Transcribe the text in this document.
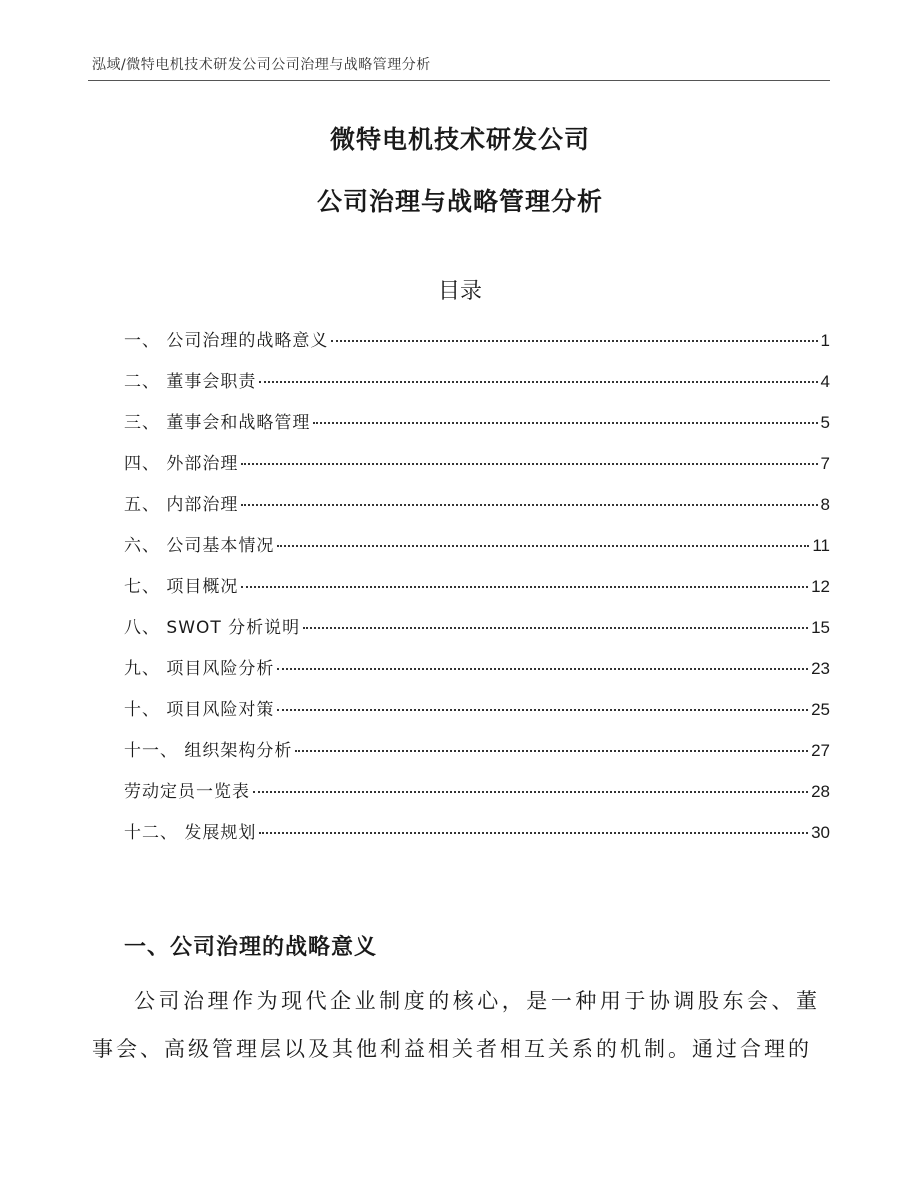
泓域/微特电机技术研发公司公司治理与战略管理分析
微特电机技术研发公司
公司治理与战略管理分析
目录
一、 公司治理的战略意义	1
二、 董事会职责	4
三、 董事会和战略管理	5
四、 外部治理	7
五、 内部治理	8
六、 公司基本情况	11
七、 项目概况	12
八、 SWOT 分析说明	15
九、 项目风险分析	23
十、 项目风险对策	25
十一、 组织架构分析	27
劳动定员一览表	28
十二、 发展规划	30
一、公司治理的战略意义
公司治理作为现代企业制度的核心，是一种用于协调股东会、董事会、高级管理层以及其他利益相关者相互关系的机制。通过合理的
